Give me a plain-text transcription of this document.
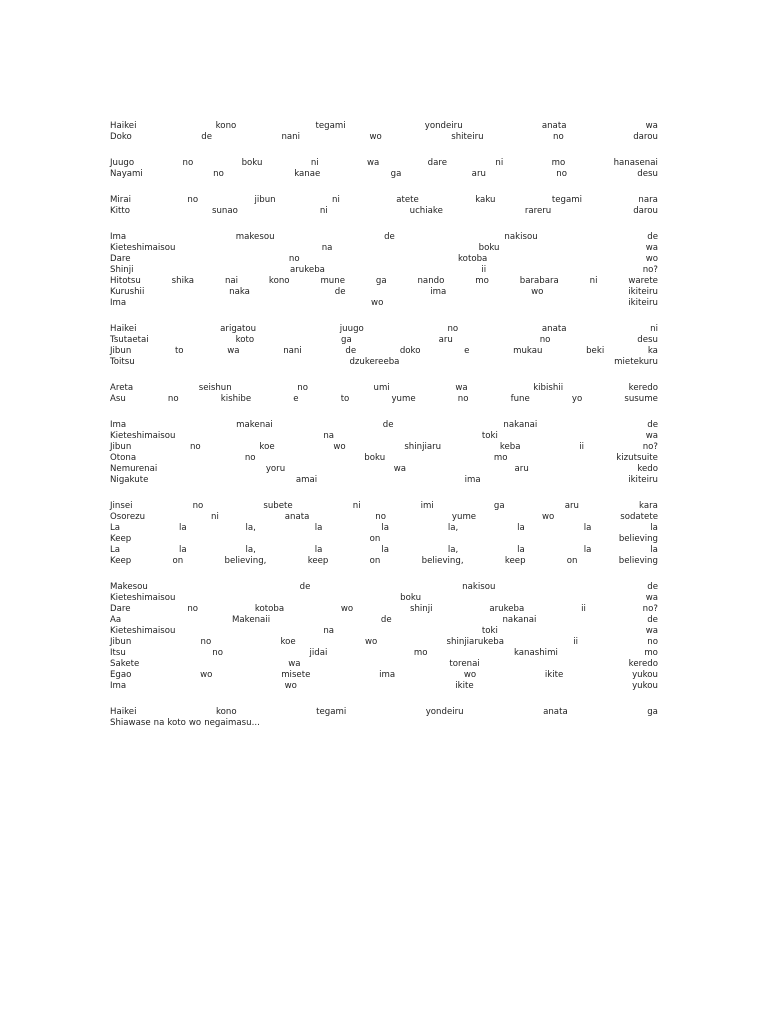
Haikei	kono	tegami	yondeiru	anata	wa
Doko	de	nani	wo	shiteiru	no	darou
Juugo	no	boku	ni	wa	dare	ni	mo	hanasenai
Nayami	no	kanae	ga	aru	no	desu
Mirai	no	jibun	ni	atete	kaku	tegami	nara
Kitto	sunao	ni	uchiake	rareru	darou
Ima	makesou	de	nakisou	de
Kieteshimaisou	na	boku	wa
Dare	no	kotoba	wo
Shinji	arukeba	ii	no?
Hitotsu	shika	nai	kono	mune	ga	nando	mo	barabara	ni	warete
Kurushii	naka	de	ima	wo	ikiteiru
Ima	wo	ikiteiru
Haikei	arigatou	juugo	no	anata	ni
Tsutaetai	koto	ga	aru	no	desu
Jibun	to	wa	nani	de	doko	e	mukau	beki	ka
Toitsu	dzukereeba	mietekuru
Areta	seishun	no	umi	wa	kibishii	keredo
Asu	no	kishibe	e	to	yume	no	fune	yo	susume
Ima	makenai	de	nakanai	de
Kieteshimaisou	na	toki	wa
Jibun	no	koe	wo	shinjiaru	keba	ii	no?
Otona	no	boku	mo	kizutsuite
Nemurenai	yoru	wa	aru	kedo
Nigakute	amai	ima	ikiteiru
Jinsei	no	subete	ni	imi	ga	aru	kara
Osorezu	ni	anata	no	yume	wo	sodatete
La	la	la,	la	la	la,	la	la	la
Keep	on	believing
La	la	la,	la	la	la,	la	la	la
Keep	on	believing,	keep	on	believing,	keep	on	believing
Makesou	de	nakisou	de
Kieteshimaisou	boku	wa
Dare	no	kotoba	wo	shinji	arukeba	ii	no?
Aa	Makenaii	de	nakanai	de
Kieteshimaisou	na	toki	wa
Jibun	no	koe	wo	shinjiarukeba	ii	no
Itsu	no	jidai	mo	kanashimi	mo
Sakete	wa	torenai	keredo
Egao	wo	misete	ima	wo	ikite	yukou
Ima	wo	ikite	yukou
Haikei	kono	tegami	yondeiru	anata	ga
Shiawase na koto wo negaimasu...
